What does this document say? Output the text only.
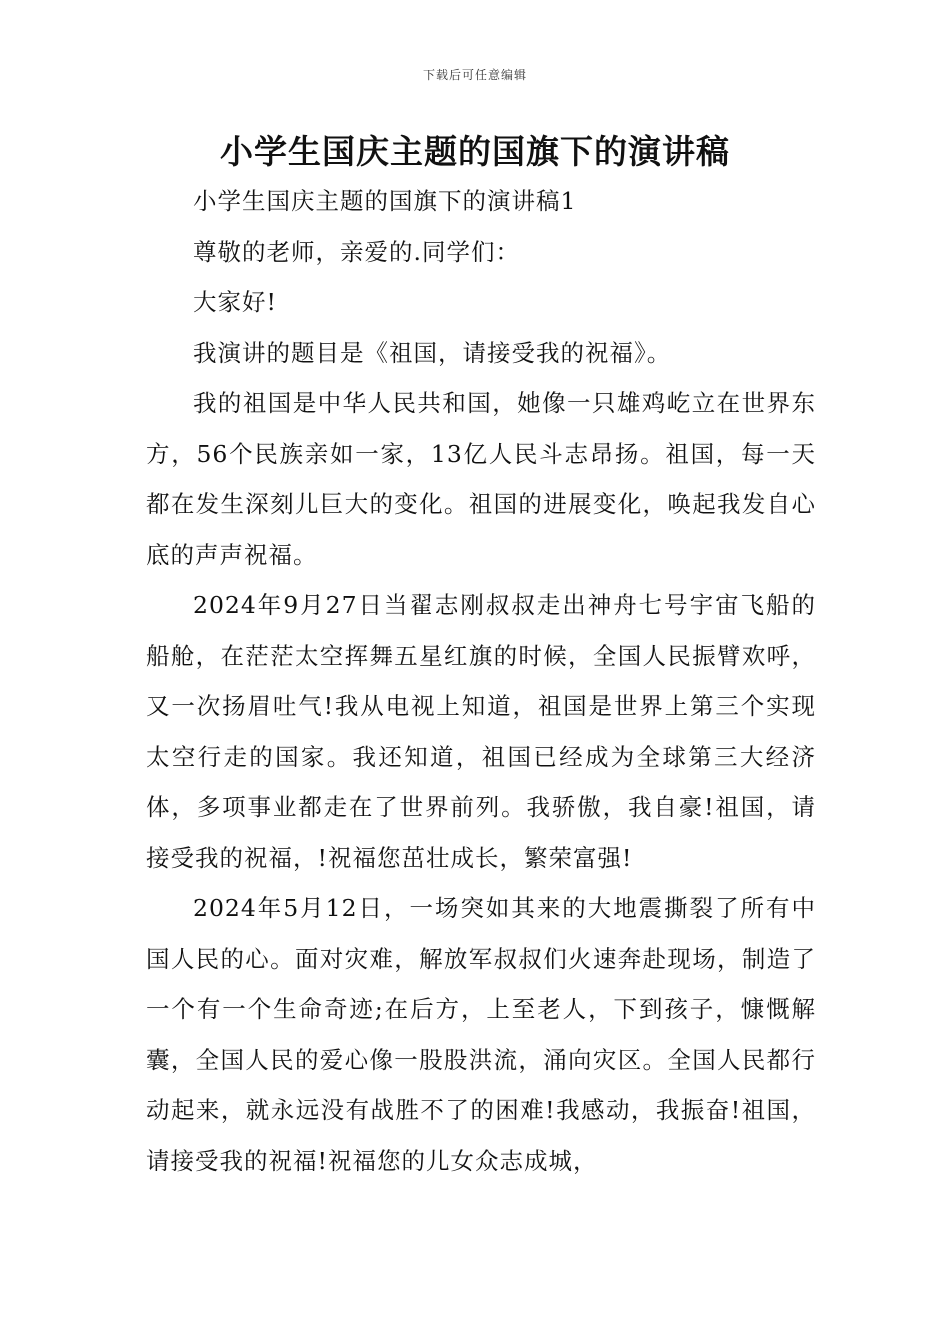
下载后可任意编辑
小学生国庆主题的国旗下的演讲稿

小学生国庆主题的国旗下的演讲稿1

尊敬的老师，亲爱的.同学们：

大家好!

我演讲的题目是《祖国，请接受我的祝福》。

我的祖国是中华人民共和国，她像一只雄鸡屹立在世界东方，56个民族亲如一家，13亿人民斗志昂扬。祖国，每一天都在发生深刻儿巨大的变化。祖国的进展变化，唤起我发自心底的声声祝福。

2024年9月27日当翟志刚叔叔走出神舟七号宇宙飞船的船舱，在茫茫太空挥舞五星红旗的时候，全国人民振臂欢呼，又一次扬眉吐气!我从电视上知道，祖国是世界上第三个实现太空行走的国家。我还知道，祖国已经成为全球第三大经济体，多项事业都走在了世界前列。我骄傲，我自豪!祖国，请接受我的祝福，!祝福您茁壮成长，繁荣富强!

2024年5月12日，一场突如其来的大地震撕裂了所有中国人民的心。面对灾难，解放军叔叔们火速奔赴现场，制造了一个有一个生命奇迹;在后方，上至老人，下到孩子，慷慨解囊，全国人民的爱心像一股股洪流，涌向灾区。全国人民都行动起来，就永远没有战胜不了的困难!我感动，我振奋!祖国，请接受我的祝福!祝福您的儿女众志成城，
